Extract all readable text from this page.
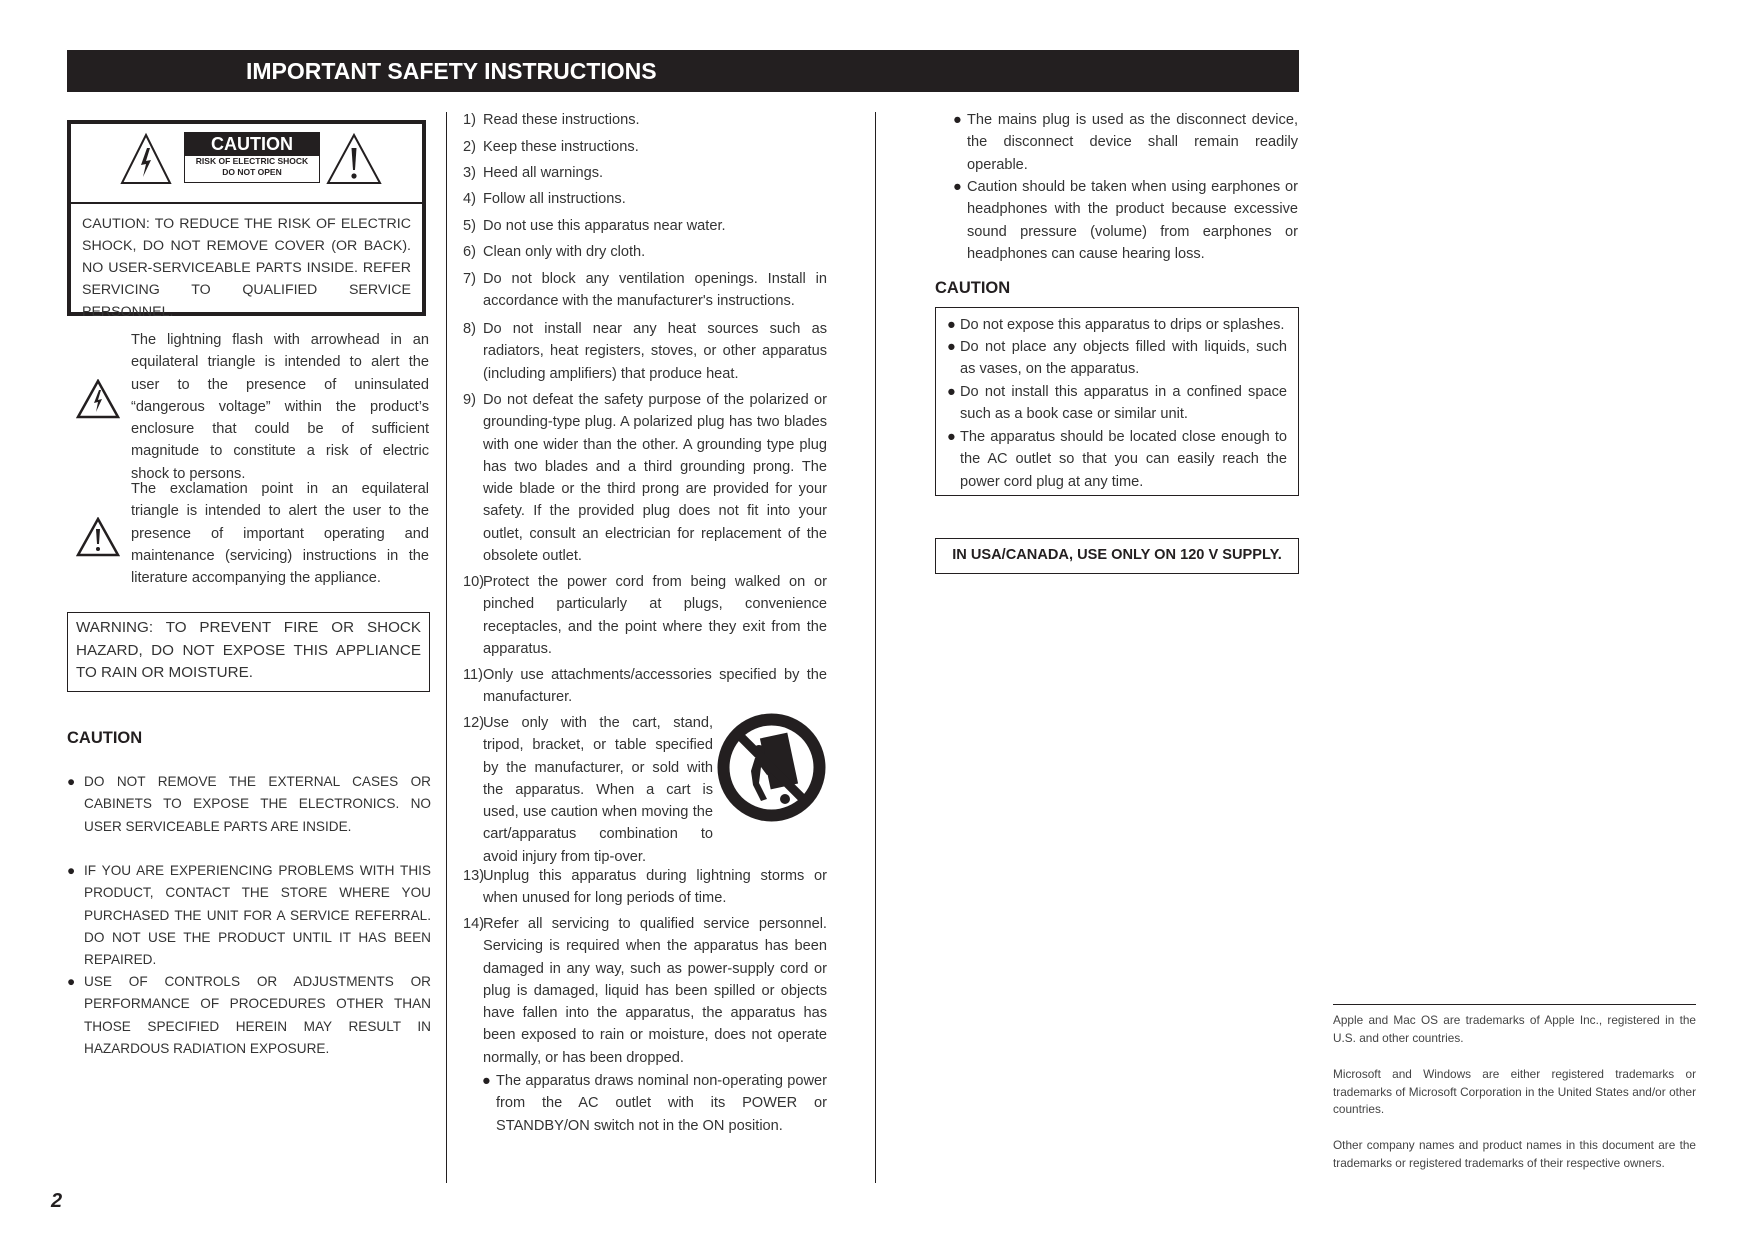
IMPORTANT SAFETY INSTRUCTIONS
CAUTION
RISK OF ELECTRIC SHOCK
DO NOT OPEN
CAUTION: TO REDUCE THE RISK OF ELECTRIC SHOCK, DO NOT REMOVE COVER (OR BACK). NO USER-SERVICEABLE PARTS INSIDE. REFER SERVICING TO QUALIFIED SERVICE PERSONNEL.
The lightning flash with arrowhead in an equilateral triangle is intended to alert the user to the presence of uninsulated “dangerous voltage” within the product’s enclosure that could be of sufficient magnitude to constitute a risk of electric shock to persons.
The exclamation point in an equilateral triangle is intended to alert the user to the presence of important operating and maintenance (servicing) instructions in the literature accompanying the appliance.
WARNING: TO PREVENT FIRE OR SHOCK HAZARD, DO NOT EXPOSE THIS APPLIANCE TO RAIN OR MOISTURE.
CAUTION
● DO NOT REMOVE THE EXTERNAL CASES OR CABINETS TO EXPOSE THE ELECTRONICS. NO USER SERVICEABLE PARTS ARE INSIDE.
● IF YOU ARE EXPERIENCING PROBLEMS WITH THIS PRODUCT, CONTACT THE STORE WHERE YOU PURCHASED THE UNIT FOR A SERVICE REFERRAL. DO NOT USE THE PRODUCT UNTIL IT HAS BEEN REPAIRED.
● USE OF CONTROLS OR ADJUSTMENTS OR PERFORMANCE OF PROCEDURES OTHER THAN THOSE SPECIFIED HEREIN MAY RESULT IN HAZARDOUS RADIATION EXPOSURE.
1) Read these instructions.
2) Keep these instructions.
3) Heed all warnings.
4) Follow all instructions.
5) Do not use this apparatus near water.
6) Clean only with dry cloth.
7) Do not block any ventilation openings. Install in accordance with the manufacturer's instructions.
8) Do not install near any heat sources such as radiators, heat registers, stoves, or other apparatus (including amplifiers) that produce heat.
9) Do not defeat the safety purpose of the polarized or grounding-type plug. A polarized plug has two blades with one wider than the other. A grounding type plug has two blades and a third grounding prong. The wide blade or the third prong are provided for your safety. If the provided plug does not fit into your outlet, consult an electrician for replacement of the obsolete outlet.
10)
Protect the power cord from being walked on or pinched particularly at plugs, convenience receptacles, and the point where they exit from the apparatus.
11) Only use attachments/accessories specified by the manufacturer.
12)
Use only with the cart, stand, tripod, bracket, or table specified by the manufacturer, or sold with the apparatus. When a cart is used, use caution when moving the cart/apparatus combination to avoid injury from tip-over.
13)
Unplug this apparatus during lightning storms or when unused for long periods of time.
14)
Refer all servicing to qualified service personnel. Servicing is required when the apparatus has been damaged in any way, such as power-supply cord or plug is damaged, liquid has been spilled or objects have fallen into the apparatus, the apparatus has been exposed to rain or moisture, does not operate normally, or has been dropped.
● The apparatus draws nominal non-operating power from the AC outlet with its POWER or STANDBY/ON switch not in the ON position.
● The mains plug is used as the disconnect device, the disconnect device shall remain readily operable.
● Caution should be taken when using earphones or headphones with the product because excessive sound pressure (volume) from earphones or headphones can cause hearing loss.
CAUTION
● Do not expose this apparatus to drips or splashes.
● Do not place any objects filled with liquids, such as vases, on the apparatus.
● Do not install this apparatus in a confined space such as a book case or similar unit.
● The apparatus should be located close enough to the AC outlet so that you can easily reach the power cord plug at any time.
IN USA/CANADA, USE ONLY ON 120 V SUPPLY.
Apple and Mac OS are trademarks of Apple Inc., registered in the U.S. and other countries.
Microsoft and Windows are either registered trademarks or trademarks of Microsoft Corporation in the United States and/or other countries.
Other company names and product names in this document are the trademarks or registered trademarks of their respective owners.
2
